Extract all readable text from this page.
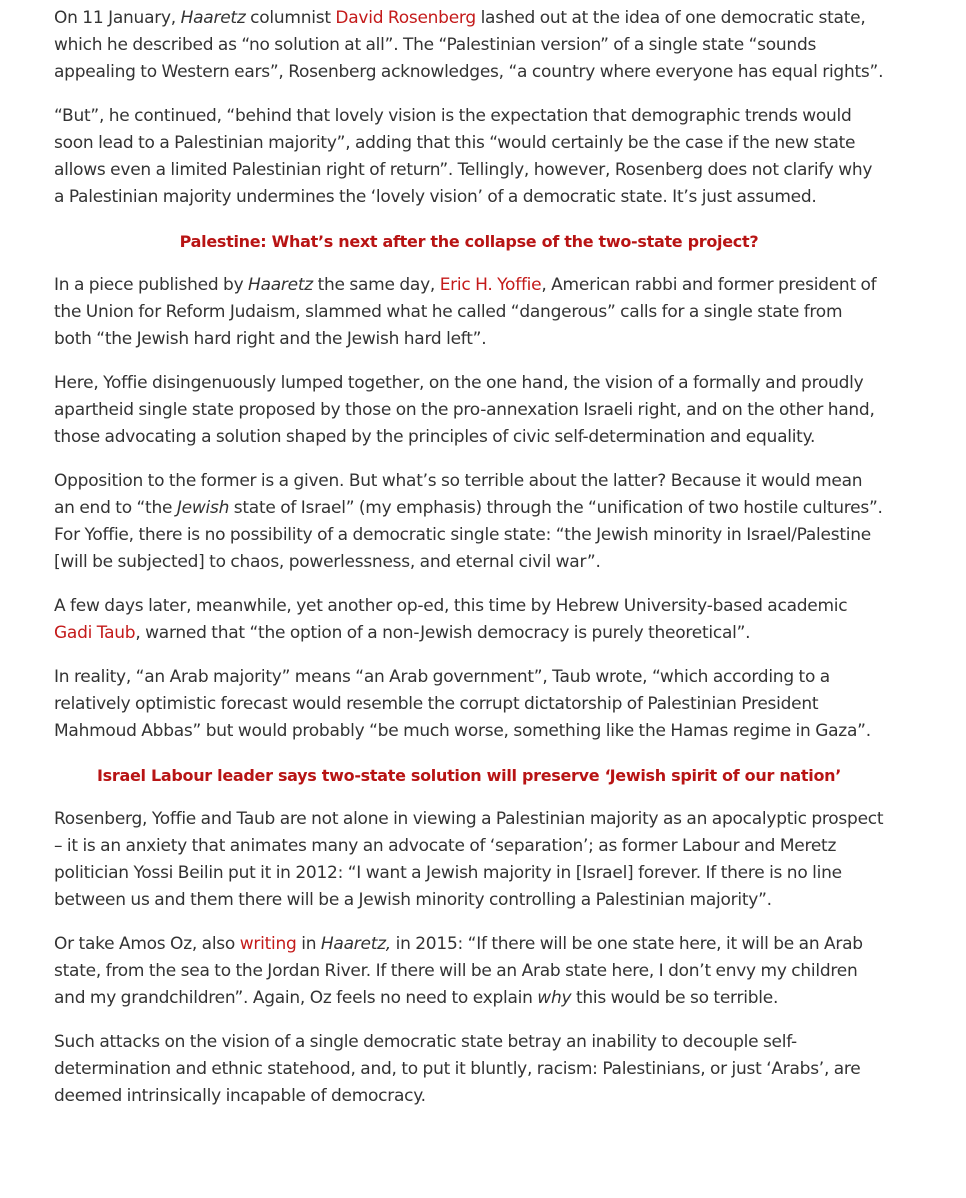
On 11 January, Haaretz columnist David Rosenberg lashed out at the idea of one democratic state, which he described as “no solution at all”. The “Palestinian version” of a single state “sounds appealing to Western ears”, Rosenberg acknowledges, “a country where everyone has equal rights”.

“But”, he continued, “behind that lovely vision is the expectation that demographic trends would soon lead to a Palestinian majority”, adding that this “would certainly be the case if the new state allows even a limited Palestinian right of return”. Tellingly, however, Rosenberg does not clarify why a Palestinian majority undermines the ‘lovely vision’ of a democratic state. It’s just assumed.

Palestine: What’s next after the collapse of the two-state project?

In a piece published by Haaretz the same day, Eric H. Yoffie, American rabbi and former president of the Union for Reform Judaism, slammed what he called “dangerous” calls for a single state from both “the Jewish hard right and the Jewish hard left”.

Here, Yoffie disingenuously lumped together, on the one hand, the vision of a formally and proudly apartheid single state proposed by those on the pro-annexation Israeli right, and on the other hand, those advocating a solution shaped by the principles of civic self-determination and equality.

Opposition to the former is a given. But what’s so terrible about the latter? Because it would mean an end to “the Jewish state of Israel” (my emphasis) through the “unification of two hostile cultures”. For Yoffie, there is no possibility of a democratic single state: “the Jewish minority in Israel/Palestine [will be subjected] to chaos, powerlessness, and eternal civil war”.

A few days later, meanwhile, yet another op-ed, this time by Hebrew University-based academic Gadi Taub, warned that “the option of a non-Jewish democracy is purely theoretical”.

In reality, “an Arab majority” means “an Arab government”, Taub wrote, “which according to a relatively optimistic forecast would resemble the corrupt dictatorship of Palestinian President Mahmoud Abbas” but would probably “be much worse, something like the Hamas regime in Gaza”.

Israel Labour leader says two-state solution will preserve ‘Jewish spirit of our nation’

Rosenberg, Yoffie and Taub are not alone in viewing a Palestinian majority as an apocalyptic prospect – it is an anxiety that animates many an advocate of ‘separation’; as former Labour and Meretz politician Yossi Beilin put it in 2012: “I want a Jewish majority in [Israel] forever. If there is no line between us and them there will be a Jewish minority controlling a Palestinian majority”.

Or take Amos Oz, also writing in Haaretz, in 2015: “If there will be one state here, it will be an Arab state, from the sea to the Jordan River. If there will be an Arab state here, I don’t envy my children and my grandchildren”. Again, Oz feels no need to explain why this would be so terrible.

Such attacks on the vision of a single democratic state betray an inability to decouple self-determination and ethnic statehood, and, to put it bluntly, racism: Palestinians, or just ‘Arabs’, are deemed intrinsically incapable of democracy.
